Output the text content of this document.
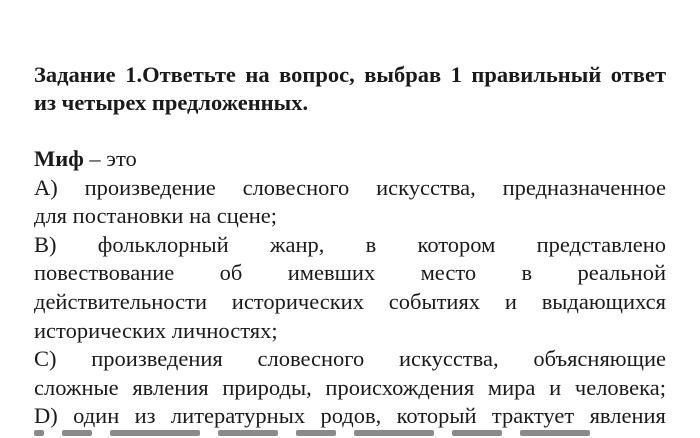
Задание 1.Ответьте на вопрос, выбрав 1 правильный ответ из четырех предложенных.
Миф – это
А) произведение словесного искусства, предназначенное
для постановки на сцене;
В) фольклорный жанр, в котором представлено
повествование об имевших место в реальной
действительности исторических событиях и выдающихся
исторических личностях;
С) произведения словесного искусства, объясняющие
сложные явления природы, происхождения мира и человека;
D) один из литературных родов, который трактует явления
